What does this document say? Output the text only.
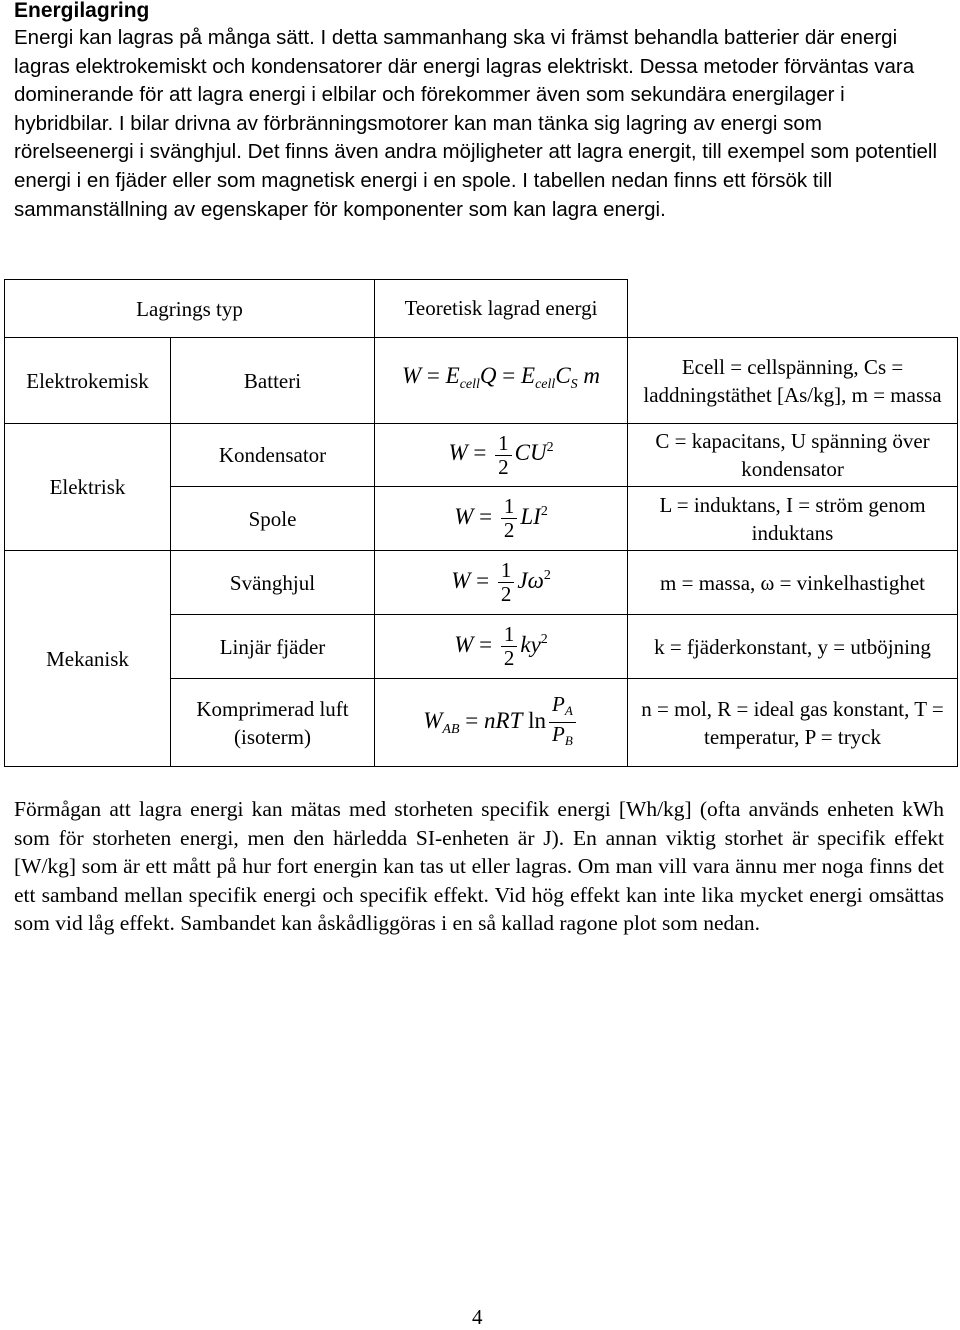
Energilagring
Energi kan lagras på många sätt. I detta sammanhang ska vi främst behandla batterier där energi lagras elektrokemiskt och kondensatorer där energi lagras elektriskt. Dessa metoder förväntas vara dominerande för att lagra energi i elbilar och förekommer även som sekundära energilager i hybridbilar. I bilar drivna av förbränningsmotorer kan man tänka sig lagring av energi som rörelseenergi i svänghjul. Det finns även andra möjligheter att lagra energit, till exempel som potentiell energi i en fjäder eller som magnetisk energi i en spole. I tabellen nedan finns ett försök till sammanställning av egenskaper för komponenter som kan lagra energi.
Lagrings typ		Teoretisk lagrad energi	
Elektrokemisk	Batteri	$W = E_{cell}Q = E_{cell}C_S$ m	Ecell = cellspänning, Cs = laddningstäthet [As/kg], m = massa
Elektrisk	Kondensator	$W = \frac{1}{2} CU^2$	C = kapacitans, U spänning över kondensator
	Spole	$W = \frac{1}{2} LI^2$	L = induktans, I = ström genom induktans
Mekanisk	Svänghjul	$W = \frac{1}{2} J\omega^2$	m = massa, ω = vinkelhastighet
	Linjär fjäder	$W = \frac{1}{2} ky^2$	k = fjäderkonstant, y = utböjning
	Komprimerad luft (isoterm)	$W_{AB}$ = nRT $\ln \frac{P_A}{P_B}$	n = mol, R = ideal gas konstant, T = temperatur, P = tryck

Förmågan att lagra energi kan mätas med storheten specifik energi [Wh/kg] (ofta används enheten kWh som för storheten energi, men den härledda SI-enheten är J). En annan viktig storhet är specifik effekt [W/kg] som är ett mått på hur fort energin kan tas ut eller lagras. Om man vill vara ännu mer noga finns det ett samband mellan specifik energi och specifik effekt. Vid hög effekt kan inte lika mycket energi omsättas som vid låg effekt. Sambandet kan åskådliggöras i en så kallad ragone plot som nedan.

4
